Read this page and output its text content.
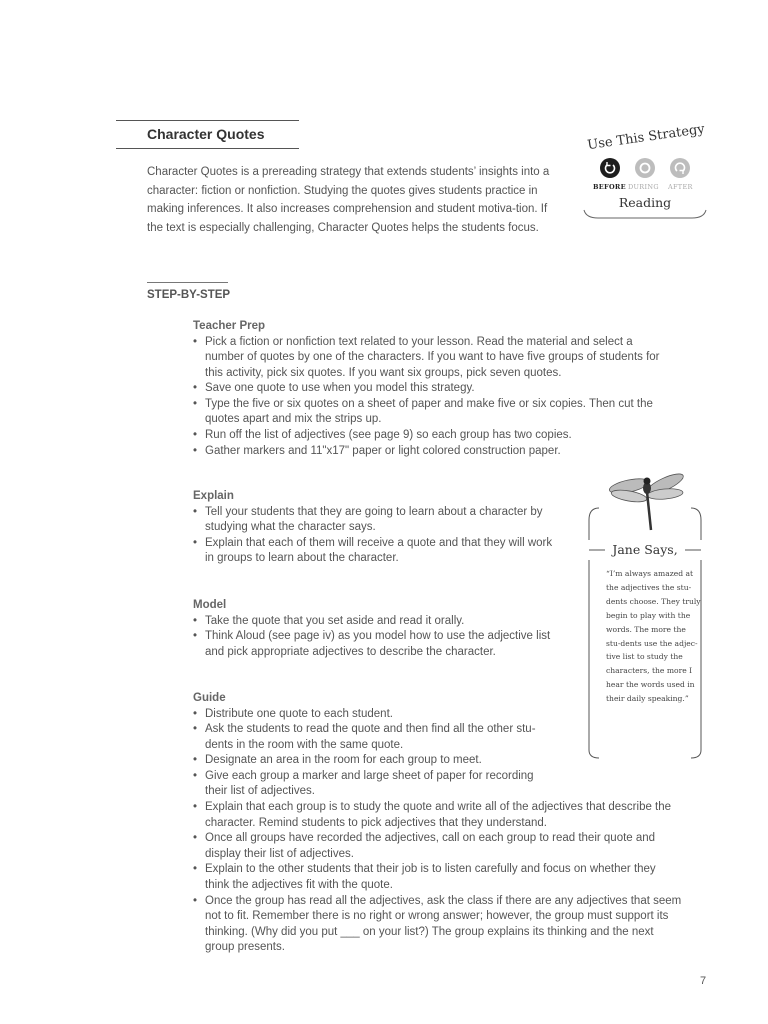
Character Quotes
Character Quotes is a prereading strategy that extends students’ insights into a character: fiction or nonfiction. Studying the quotes gives students practice in making inferences. It also increases comprehension and student motiva-tion. If the text is especially challenging, Character Quotes helps the students focus.
Use This Strategy
BEFORE DURING AFTER
Reading
STEP-BY-STEP
Teacher Prep
• Pick a fiction or nonfiction text related to your lesson. Read the material and select a number of quotes by one of the characters. If you want to have five groups of students for this activity, pick six quotes. If you want six groups, pick seven quotes.
• Save one quote to use when you model this strategy.
• Type the five or six quotes on a sheet of paper and make five or six copies. Then cut the quotes apart and mix the strips up.
• Run off the list of adjectives (see page 9) so each group has two copies.
• Gather markers and 11"x17" paper or light colored construction paper.
Explain
• Tell your students that they are going to learn about a character by studying what the character says.
• Explain that each of them will receive a quote and that they will work in groups to learn about the character.
Model
• Take the quote that you set aside and read it orally.
• Think Aloud (see page iv) as you model how to use the adjective list and pick appropriate adjectives to describe the character.
Guide
• Distribute one quote to each student.
• Ask the students to read the quote and then find all the other stu-dents in the room with the same quote.
• Designate an area in the room for each group to meet.
• Give each group a marker and large sheet of paper for recording their list of adjectives.
• Explain that each group is to study the quote and write all of the adjectives that describe the character. Remind students to pick adjectives that they understand.
• Once all groups have recorded the adjectives, call on each group to read their quote and display their list of adjectives.
• Explain to the other students that their job is to listen carefully and focus on whether they think the adjectives fit with the quote.
• Once the group has read all the adjectives, ask the class if there are any adjectives that seem not to fit. Remember there is no right or wrong answer; however, the group must support its thinking. (Why did you put ___ on your list?) The group explains its thinking and the next group presents.
Jane Says,
“I’m always amazed at the adjectives the stu-dents choose. They truly begin to play with the words. The more the stu-dents use the adjec-tive list to study the characters, the more I hear the words used in their daily speaking.”
7
